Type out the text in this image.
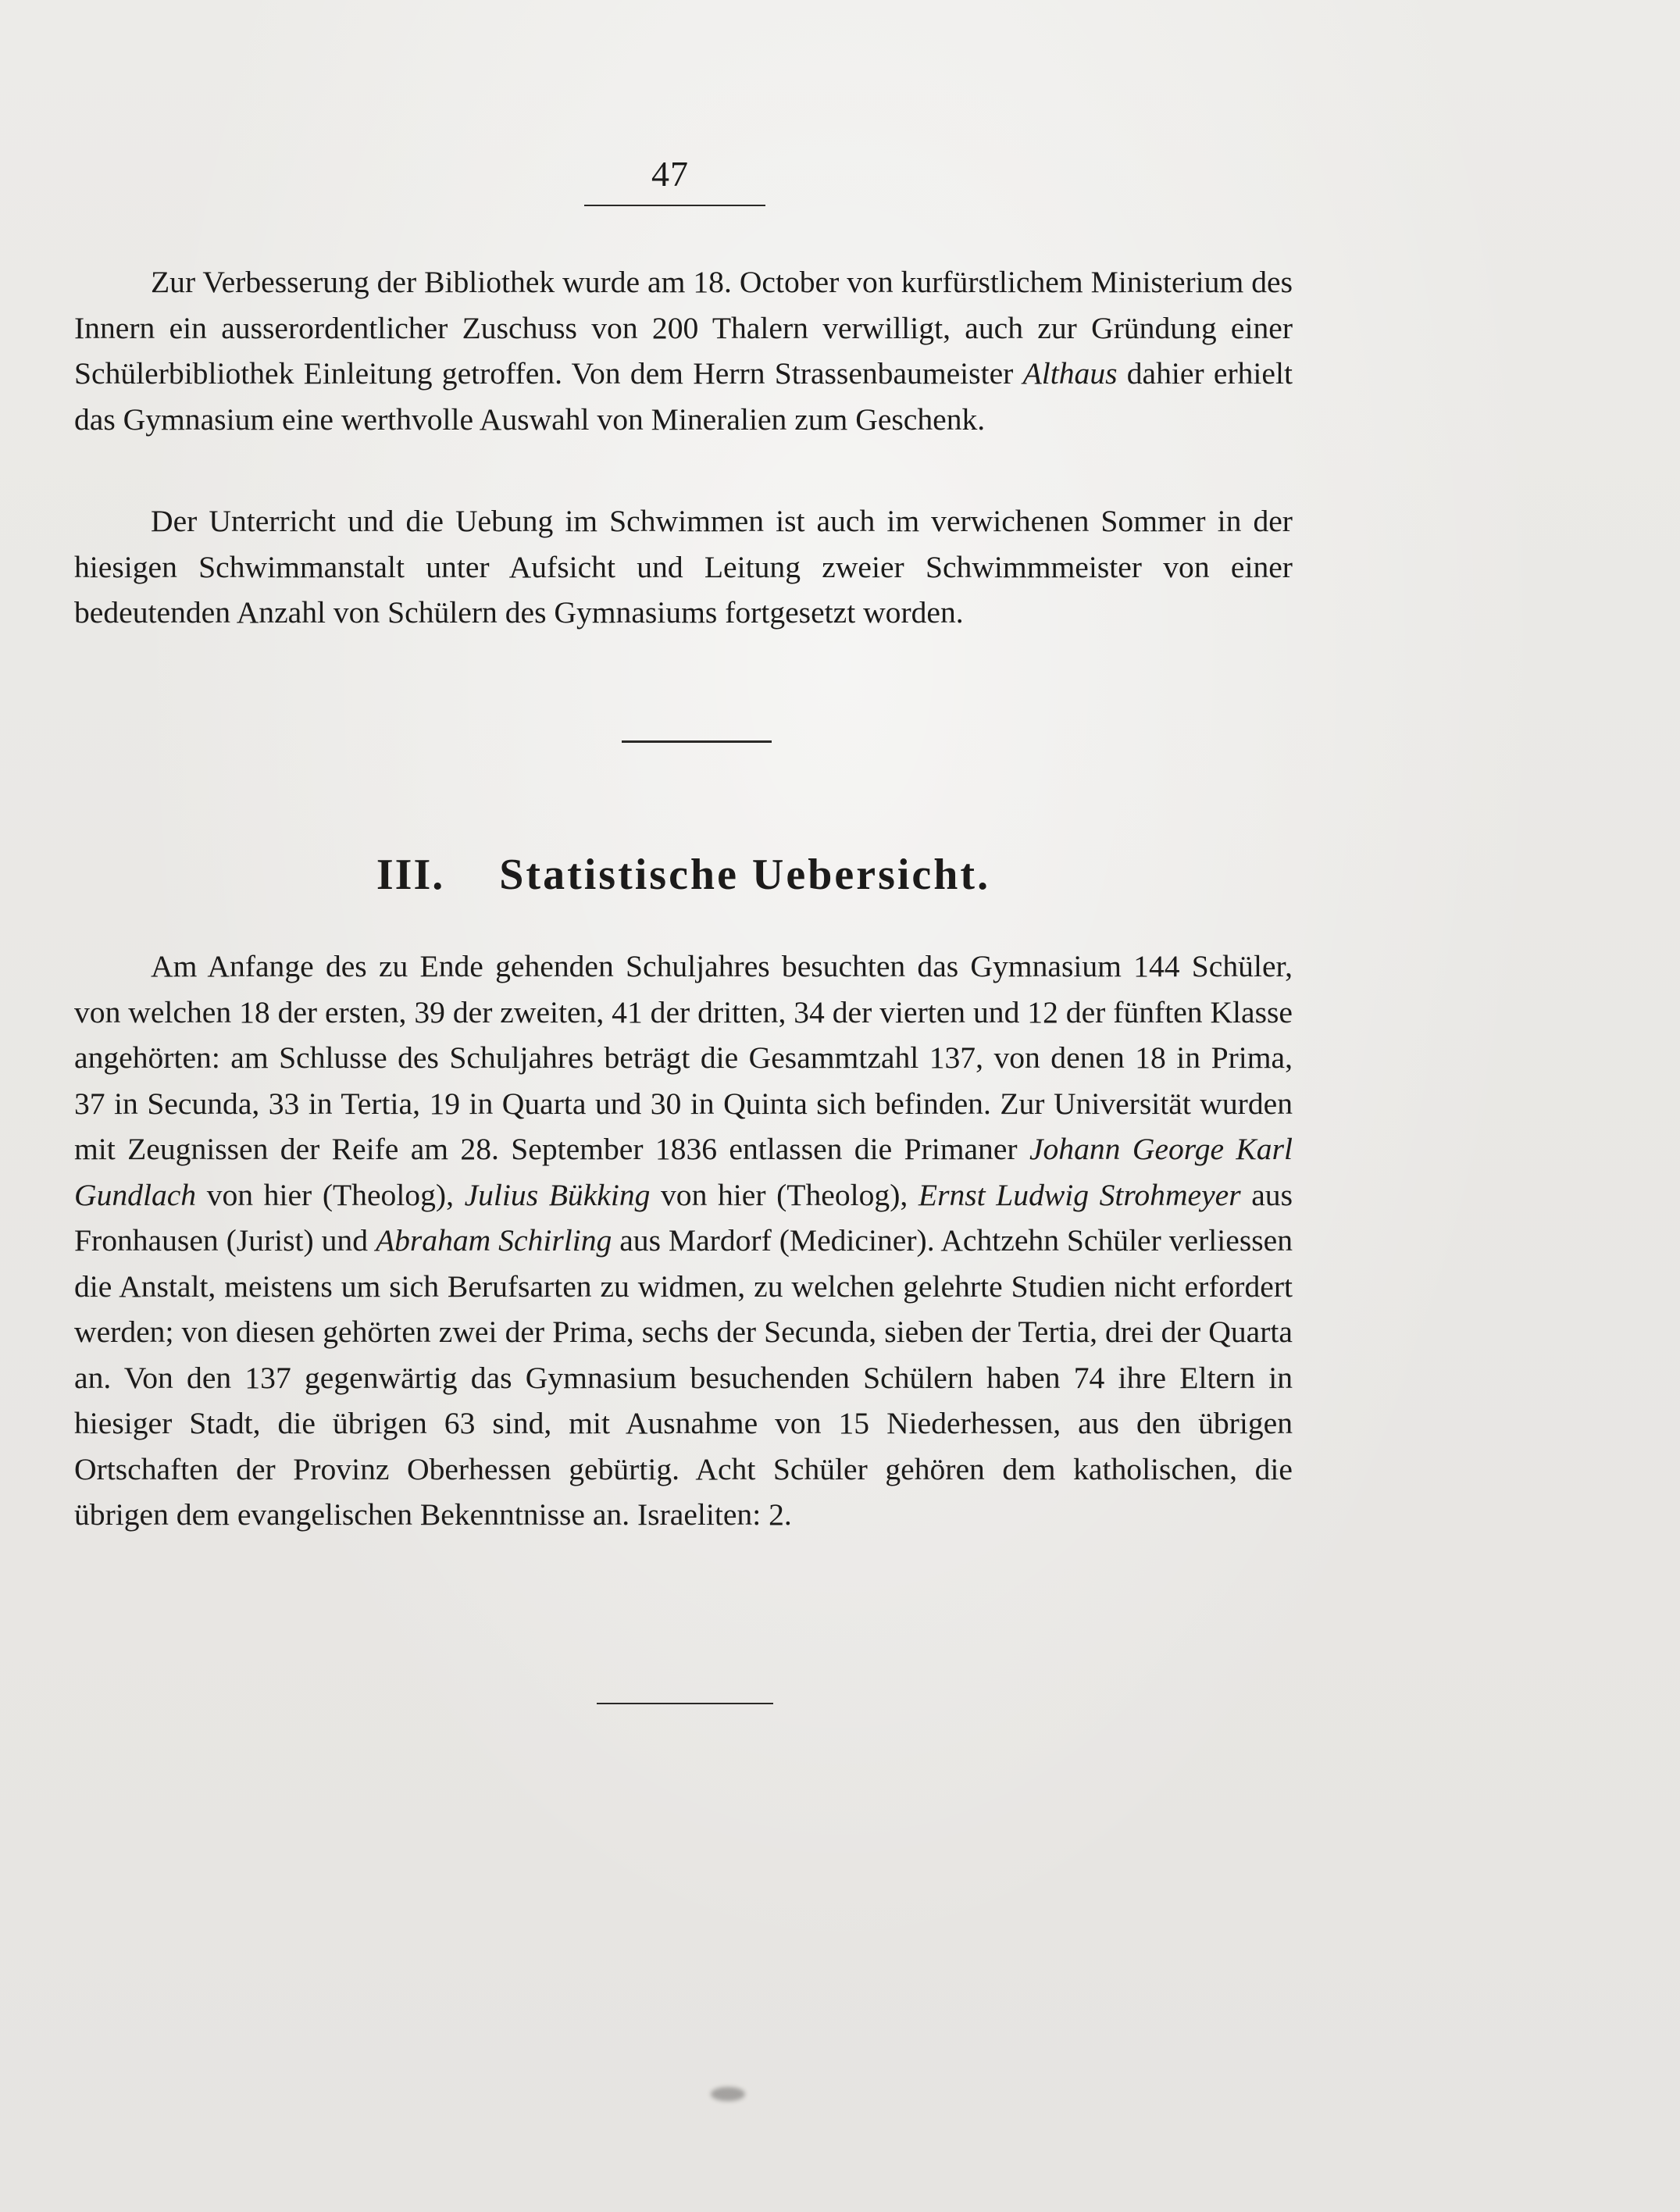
47

Zur Verbesserung der Bibliothek wurde am 18. October von kurfürstlichem Ministerium des Innern ein ausserordentlicher Zuschuss von 200 Thalern verwilligt, auch zur Gründung einer Schülerbibliothek Einleitung getroffen. Von dem Herrn Strassenbaumeister Althaus dahier erhielt das Gymnasium eine werthvolle Auswahl von Mineralien zum Geschenk.

Der Unterricht und die Uebung im Schwimmen ist auch im verwichenen Sommer in der hiesigen Schwimmanstalt unter Aufsicht und Leitung zweier Schwimmmeister von einer bedeutenden Anzahl von Schülern des Gymnasiums fortgesetzt worden.

III. Statistische Uebersicht.

Am Anfange des zu Ende gehenden Schuljahres besuchten das Gymnasium 144 Schüler, von welchen 18 der ersten, 39 der zweiten, 41 der dritten, 34 der vierten und 12 der fünften Klasse angehörten: am Schlusse des Schuljahres beträgt die Gesammtzahl 137, von denen 18 in Prima, 37 in Secunda, 33 in Tertia, 19 in Quarta und 30 in Quinta sich befinden. Zur Universität wurden mit Zeugnissen der Reife am 28. September 1836 entlassen die Primaner Johann George Karl Gundlach von hier (Theolog), Julius Bükking von hier (Theolog), Ernst Ludwig Strohmeyer aus Fronhausen (Jurist) und Abraham Schirling aus Mardorf (Mediciner). Achtzehn Schüler verliessen die Anstalt, meistens um sich Berufsarten zu widmen, zu welchen gelehrte Studien nicht erfordert werden; von diesen gehörten zwei der Prima, sechs der Secunda, sieben der Tertia, drei der Quarta an. Von den 137 gegenwärtig das Gymnasium besuchenden Schülern haben 74 ihre Eltern in hiesiger Stadt, die übrigen 63 sind, mit Ausnahme von 15 Niederhessen, aus den übrigen Ortschaften der Provinz Oberhessen gebürtig. Acht Schüler gehören dem katholischen, die übrigen dem evangelischen Bekenntnisse an. Israeliten: 2.
